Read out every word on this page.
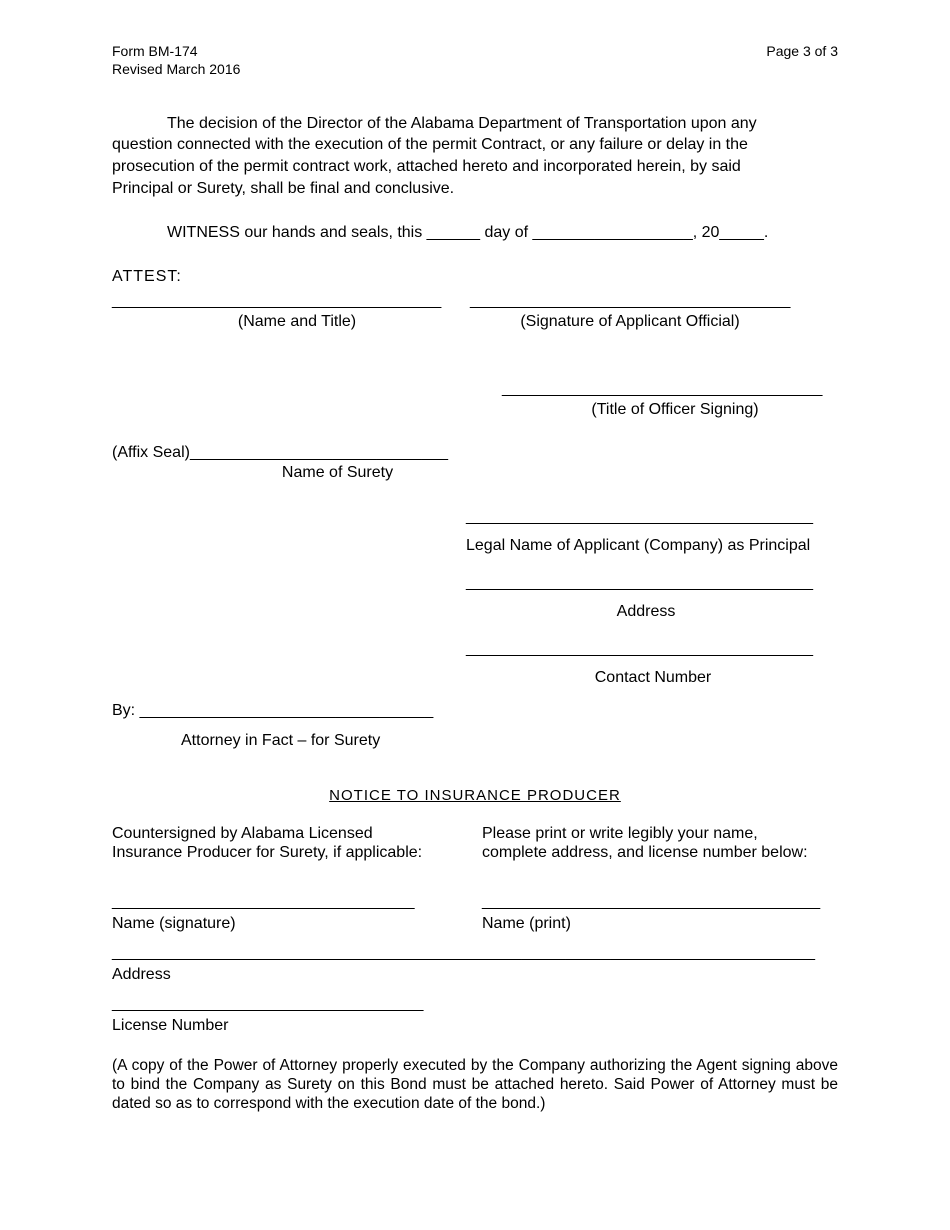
Form BM-174
Revised March 2016
Page 3 of 3
The decision of the Director of the Alabama Department of Transportation upon any
question connected with the execution of the permit Contract, or any failure or delay in the
prosecution of the permit contract work, attached hereto and incorporated herein, by said
Principal or Surety, shall be final and conclusive.
WITNESS our hands and seals, this ______ day of __________________, 20_____.
ATTEST:
_____________________________________ ____________________________________
(Name and Title)	(Signature of Applicant Official)
____________________________________
(Title of Officer Signing)
(Affix Seal)_____________________________
Name of Surety
_______________________________________
Legal Name of Applicant (Company) as Principal
_______________________________________
Address
_______________________________________
Contact Number
By: _________________________________
Attorney in Fact – for Surety
NOTICE TO INSURANCE PRODUCER
Countersigned by Alabama Licensed
Insurance Producer for Surety, if applicable:
Please print or write legibly your name,
complete address, and license number below:
__________________________________	______________________________________
Name (signature)	Name (print)
_______________________________________________________________________________
Address
___________________________________
License Number
(A copy of the Power of Attorney properly executed by the Company authorizing the Agent signing above to bind the Company as Surety on this Bond must be attached hereto. Said Power of Attorney must be dated so as to correspond with the execution date of the bond.)
